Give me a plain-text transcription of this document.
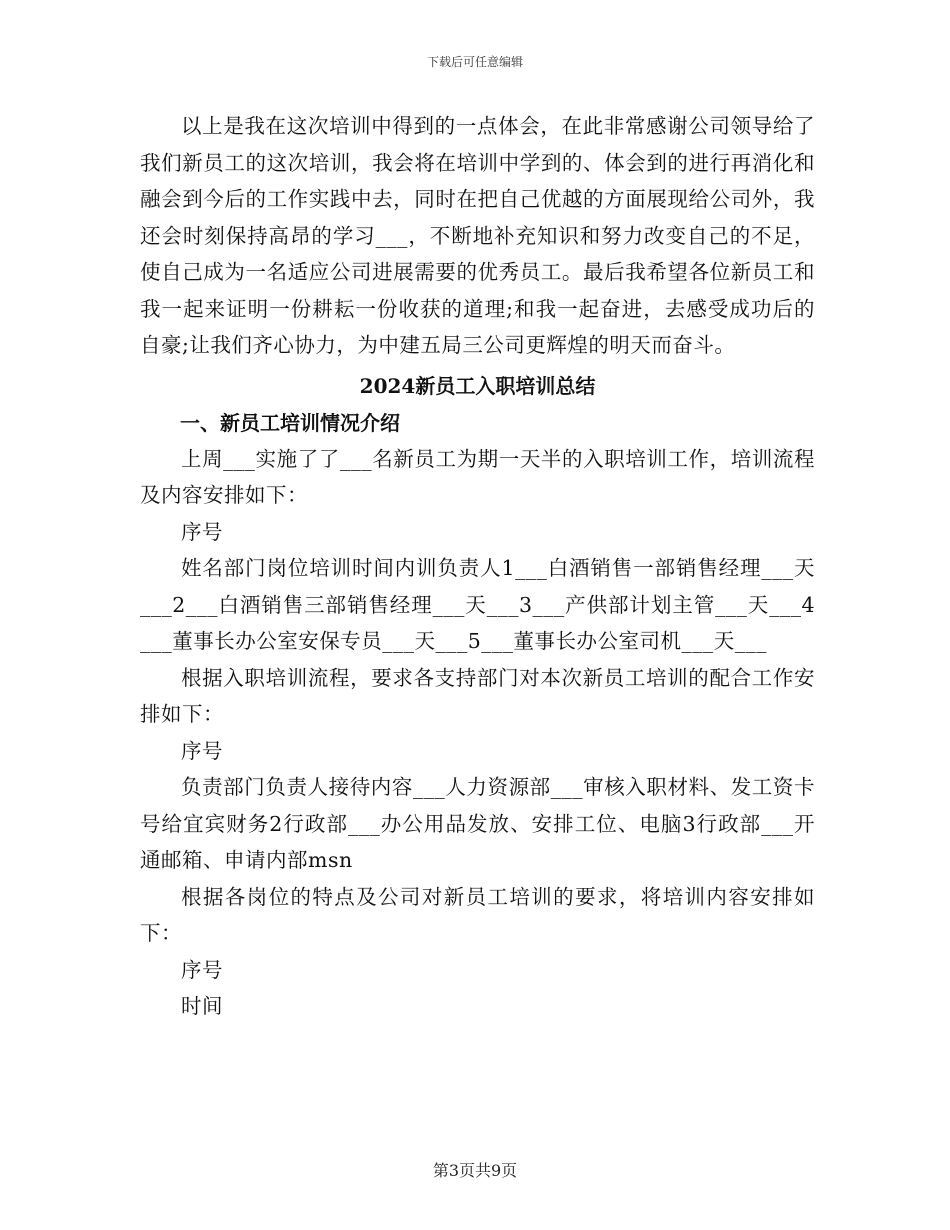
下载后可任意编辑

以上是我在这次培训中得到的一点体会，在此非常感谢公司领导给了我们新员工的这次培训，我会将在培训中学到的、体会到的进行再消化和融会到今后的工作实践中去，同时在把自己优越的方面展现给公司外，我还会时刻保持高昂的学习___，不断地补充知识和努力改变自己的不足，使自己成为一名适应公司进展需要的优秀员工。最后我希望各位新员工和我一起来证明一份耕耘一份收获的道理;和我一起奋进，去感受成功后的自豪;让我们齐心协力，为中建五局三公司更辉煌的明天而奋斗。

2024新员工入职培训总结
一、新员工培训情况介绍

上周___实施了了___名新员工为期一天半的入职培训工作，培训流程及内容安排如下：

序号

姓名部门岗位培训时间内训负责人1___白酒销售一部销售经理___天___2___白酒销售三部销售经理___天___3___产供部计划主管___天___4___董事长办公室安保专员___天___5___董事长办公室司机___天___

根据入职培训流程，要求各支持部门对本次新员工培训的配合工作安排如下：

序号

负责部门负责人接待内容___人力资源部___审核入职材料、发工资卡号给宜宾财务2行政部___办公用品发放、安排工位、电脑3行政部___开通邮箱、申请内部msn

根据各岗位的特点及公司对新员工培训的要求，将培训内容安排如下：

序号

时间

第3页共9页
